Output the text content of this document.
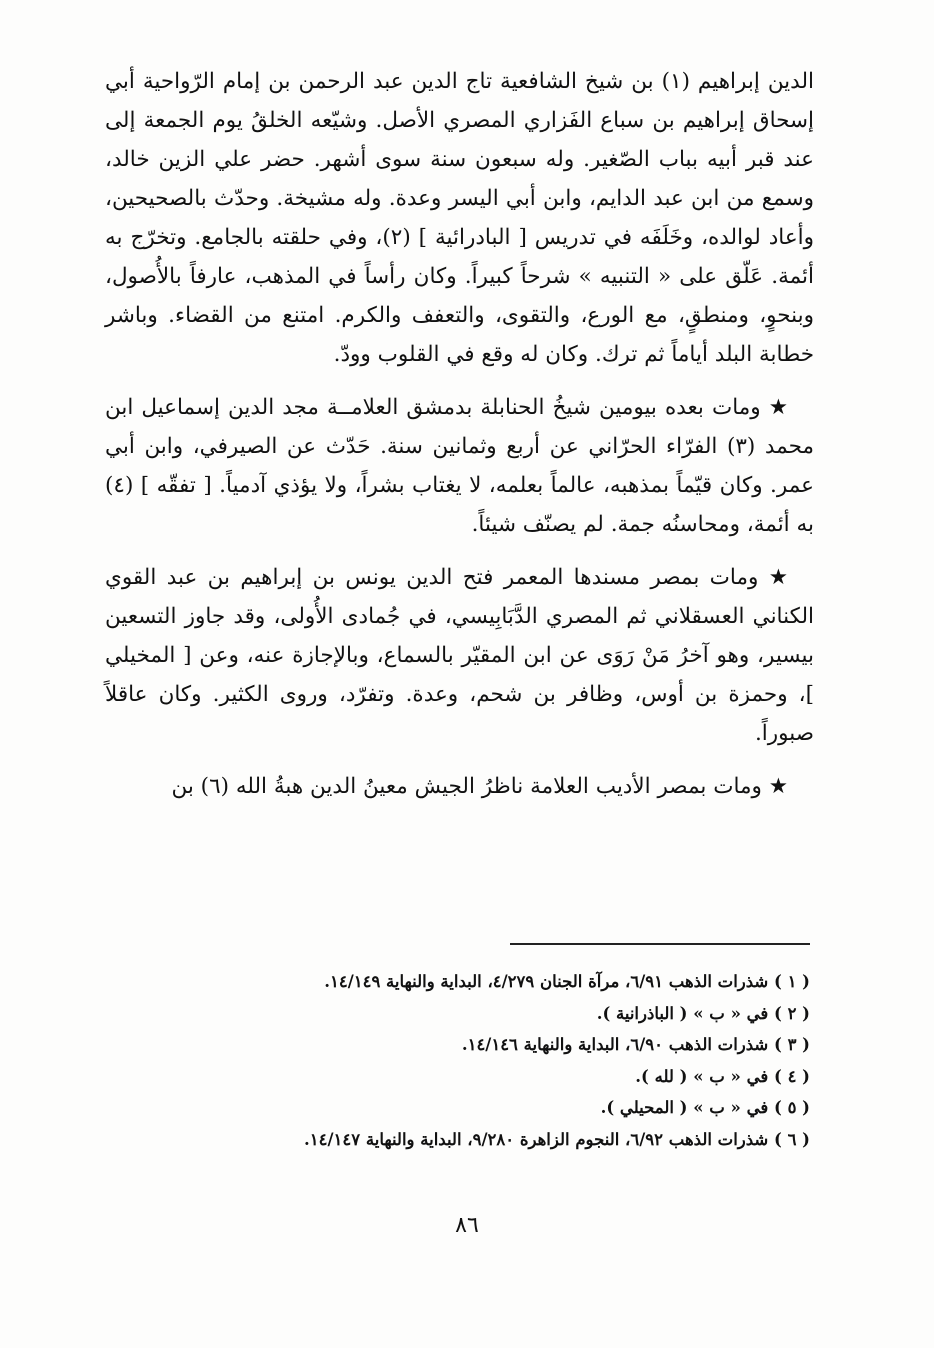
الدين إبراهيم (١) بن شيخ الشافعية تاج الدين عبد الرحمن بن إمام الرّواحية أبي إسحاق إبراهيم بن سباع الفَزاري المصري الأصل. وشيّعه الخلقُ يوم الجمعة إلى عند قبر أبيه بباب الصّغير. وله سبعون سنة سوى أشهر. حضر علي الزين خالد، وسمع من ابن عبد الدايم، وابن أبي اليسر وعدة. وله مشيخة. وحدّث بالصحيحين، وأعاد لوالده، وخَلَفَه في تدريس [ البادرائية ] (٢)، وفي حلقته بالجامع. وتخرّج به أئمة. عَلّق على « التنبيه » شرحاً كبيراً. وكان رأساً في المذهب، عارفاً بالأُصول، وبنحوٍ، ومنطقٍ، مع الورع، والتقوى، والتعفف والكرم. امتنع من القضاء. وباشر خطابة البلد أياماً ثم ترك. وكان له وقع في القلوب وودّ.

★ ومات بعده بيومين شيخُ الحنابلة بدمشق العلامــة مجد الدين إسماعيل ابن محمد (٣) الفرّاء الحرّاني عن أربع وثمانين سنة. حَدّث عن الصيرفي، وابن أبي عمر. وكان قيّماً بمذهبه، عالماً بعلمه، لا يغتاب بشراً، ولا يؤذي آدمياً. [ تفقّه ] (٤) به أئمة، ومحاسنُه جمة. لم يصنّف شيئاً.

★ ومات بمصر مسندها المعمر فتح الدين يونس بن إبراهيم بن عبد القوي الكناني العسقلاني ثم المصري الدَّبَابِيسي، في جُمادى الأُولى، وقد جاوز التسعين بيسير، وهو آخرُ مَنْ رَوَى عن ابن المقيّر بالسماع، وبالإجازة عنه، وعن [ المخيلي ]، وحمزة بن أوس، وظافر بن شحم، وعدة. وتفرّد، وروى الكثير. وكان عاقلاً صبوراً.

★ ومات بمصر الأديب العلامة ناظرُ الجيش معينُ الدين هبةُ الله (٦) بن

( ١ ) شذرات الذهب ٦/٩١، مرآة الجنان ٤/٢٧٩، البداية والنهاية ١٤/١٤٩.
( ٢ ) في « ب » ( الباذرانية ).
( ٣ ) شذرات الذهب ٦/٩٠، البداية والنهاية ١٤/١٤٦.
( ٤ ) في « ب » ( لله ).
( ٥ ) في « ب » ( المحيلي ).
( ٦ ) شذرات الذهب ٦/٩٢، النجوم الزاهرة ٩/٢٨٠، البداية والنهاية ١٤/١٤٧.
٨٦
